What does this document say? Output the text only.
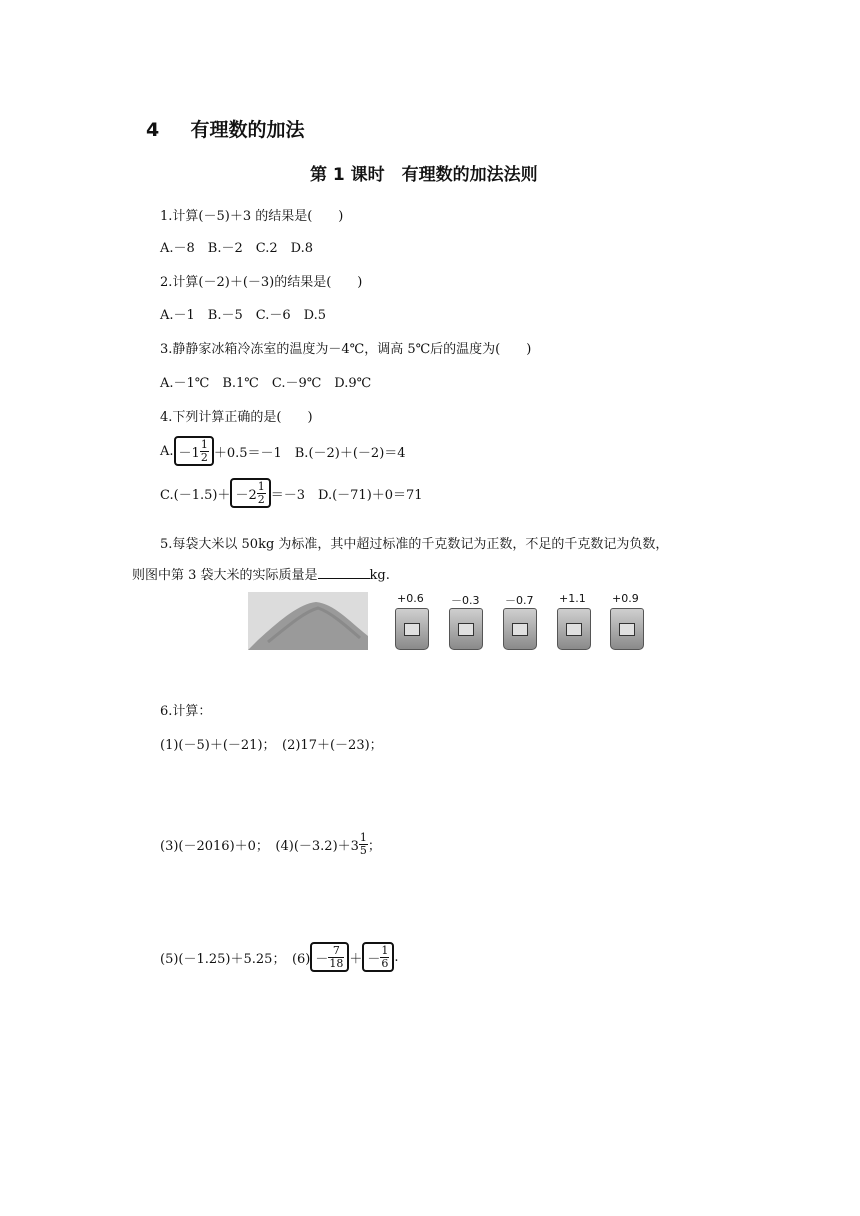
4 有理数的加法
第 1 课时　有理数的加法法则
1.计算(－5)＋3 的结果是(　　)
A.－8　B.－2　C.2　D.8
2.计算(－2)＋(－3)的结果是(　　)
A.－1　B.－5　C.－6　D.5
3.静静家冰箱冷冻室的温度为－4℃，调高 5℃后的温度为(　　)
A.－1℃　B.1℃　C.－9℃　D.9℃
4.下列计算正确的是(　　)
A. $-1 \frac{1}{2} +0.5=-1$　B.(－2)＋(－2)＝4
$C.(-1.5)+ -2 \frac{1}{2} =-3$　D.(－71)＋0＝71
5.每袋大米以 50kg 为标准，其中超过标准的千克数记为正数，不足的千克数记为负数，
则图中第 3 袋大米的实际质量是	kg.
+0.6 －0.3 －0.7 +1.1 +0.9
6.计算：
(1)(－5)＋(－21)；　(2)17＋(－23)；
(3)(－2016)＋0；　$(4)(-3.2)+3 \frac{1}{5}$ ；
(5)(－1.25)＋5.25；　$(6) - \frac{7}{18}$ ＋ － $\frac{1}{6}$ .
